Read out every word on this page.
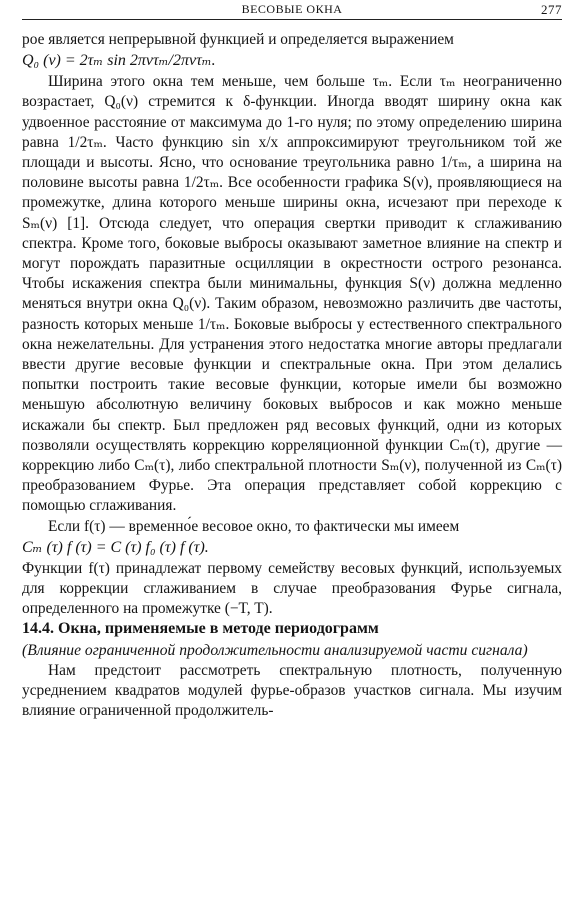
ВЕСОВЫЕ ОКНА	277

рое является непрерывной функцией и определяется выражением

Q₀ (ν) = 2τₘ sin 2πντₘ/2πντₘ.

Ширина этого окна тем меньше, чем больше τₘ. Если τₘ неограниченно возрастает, Q₀(ν) стремится к δ-функции. Иногда вводят ширину окна как удвоенное расстояние от максимума до 1-го нуля; по этому определению ширина равна 1/2τₘ. Часто функцию sin x/x аппроксимируют треугольником той же площади и высоты. Ясно, что основание треугольника равно 1/τₘ, а ширина на половине высоты равна 1/2τₘ. Все особенности графика S(ν), проявляющиеся на промежутке, длина которого меньше ширины окна, исчезают при переходе к Sₘ(ν) [1]. Отсюда следует, что операция свертки приводит к сглаживанию спектра. Кроме того, боковые выбросы оказывают заметное влияние на спектр и могут порождать паразитные осцилляции в окрестности острого резонанса. Чтобы искажения спектра были минимальны, функция S(ν) должна медленно меняться внутри окна Q₀(ν). Таким образом, невозможно различить две частоты, разность которых меньше 1/τₘ. Боковые выбросы у естественного спектрального окна нежелательны. Для устранения этого недостатка многие авторы предлагали ввести другие весовые функции и спектральные окна. При этом делались попытки построить такие весовые функции, которые имели бы возможно меньшую абсолютную величину боковых выбросов и как можно меньше искажали бы спектр. Был предложен ряд весовых функций, одни из которых позволяли осуществлять коррекцию корреляционной функции Cₘ(τ), другие — коррекцию либо Cₘ(τ), либо спектральной плотности Sₘ(ν), полученной из Cₘ(τ) преобразованием Фурье. Эта операция представляет собой коррекцию с помощью сглаживания.

Если f(τ) — временно́е весовое окно, то фактически мы имеем

Cₘ (τ) f (τ) = C (τ) f₀ (τ) f (τ).

Функции f(τ) принадлежат первому семейству весовых функций, используемых для коррекции сглаживанием в случае преобразования Фурье сигнала, определенного на промежутке (−T, T).

14.4. Окна, применяемые в методе периодограмм

(Влияние ограниченной продолжительности анализируемой части сигнала)

Нам предстоит рассмотреть спектральную плотность, полученную усреднением квадратов модулей фурье-образов участков сигнала. Мы изучим влияние ограниченной продолжитель-
